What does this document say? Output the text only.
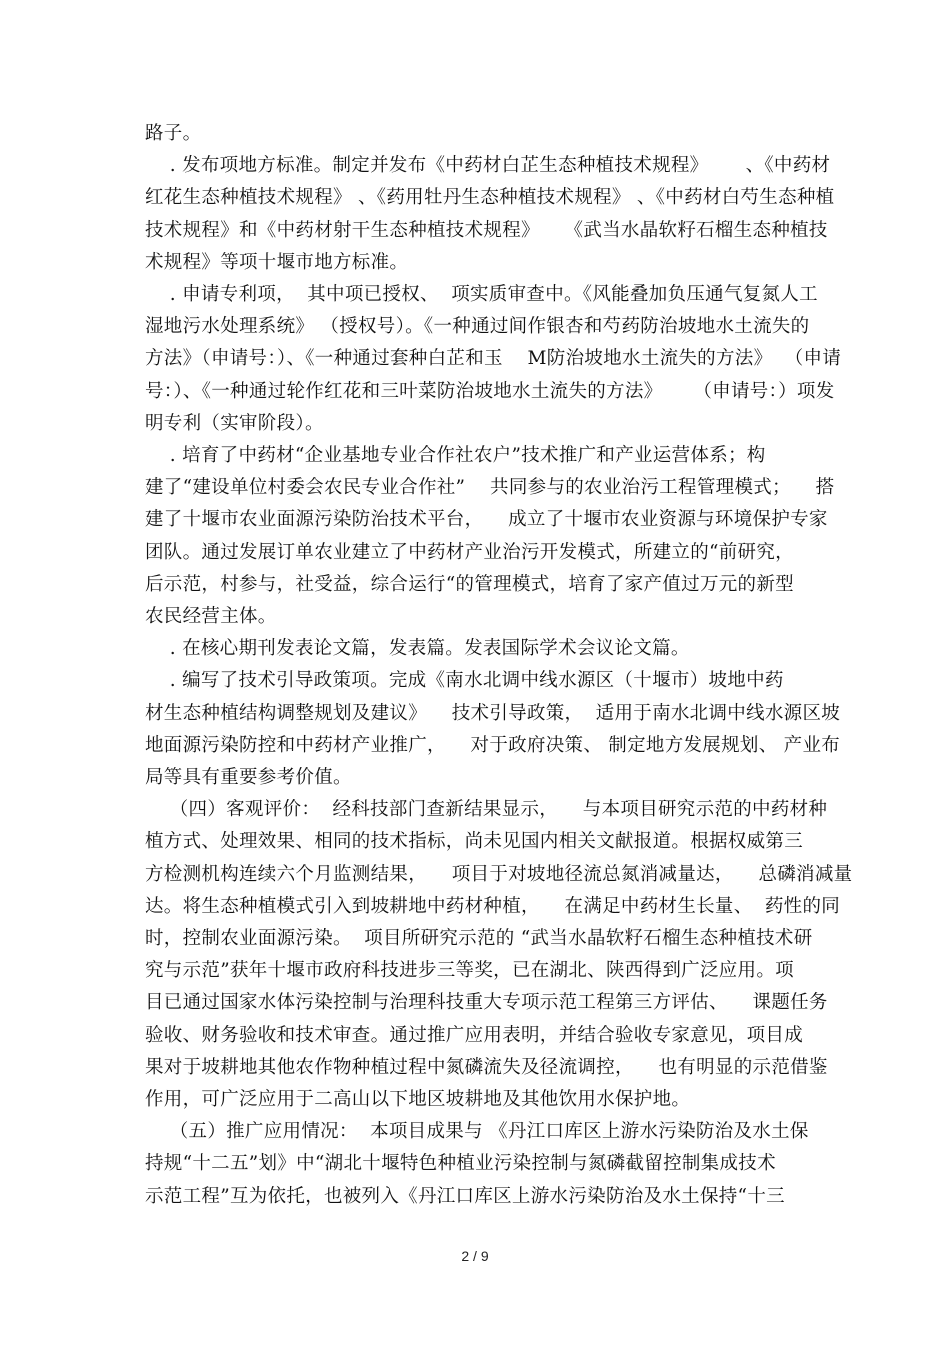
路子。
. 发布项地方标准。制定并发布《中药材白芷生态种植技术规程》      、《中药材
红花生态种植技术规程》 、《药用牡丹生态种植技术规程》 、《中药材白芍生态种植
技术规程》和《中药材射干生态种植技术规程》    《武当水晶软籽石榴生态种植技
术规程》等项十堰市地方标准。
. 申请专利项，  其中项已授权、  项实质审查中。《风能叠加负压通气复氮人工
湿地污水处理系统》 （授权号）。《一种通过间作银杏和芍药防治坡地水土流失的
方法》（申请号：）、《一种通过套种白芷和玉    M防治坡地水土流失的方法》  （申请
号：）、《一种通过轮作红花和三叶菜防治坡地水土流失的方法》     （申请号：）项发
明专利（实审阶段）。
. 培育了中药材“企业基地专业合作社农户”技术推广和产业运营体系；构
建了“建设单位村委会农民专业合作社”    共同参与的农业治污工程管理模式；    搭
建了十堰市农业面源污染防治技术平台，    成立了十堰市农业资源与环境保护专家
团队。通过发展订单农业建立了中药材产业治污开发模式，所建立的“前研究，
后示范，村参与，社受益，综合运行“的管理模式，培育了家产值过万元的新型
农民经营主体。
. 在核心期刊发表论文篇，发表篇。发表国际学术会议论文篇。
. 编写了技术引导政策项。完成《南水北调中线水源区（十堰市）坡地中药
材生态种植结构调整规划及建议》    技术引导政策，  适用于南水北调中线水源区坡
地面源污染防控和中药材产业推广，    对于政府决策、 制定地方发展规划、 产业布
局等具有重要参考价值。
（四）客观评价：  经科技部门查新结果显示，    与本项目研究示范的中药材种
植方式、处理效果、相同的技术指标，尚未见国内相关文献报道。根据权威第三
方检测机构连续六个月监测结果，    项目于对坡地径流总氮消减量达，    总磷消减量
达。将生态种植模式引入到坡耕地中药材种植，    在满足中药材生长量、  药性的同
时，控制农业面源污染。  项目所研究示范的 “武当水晶软籽石榴生态种植技术研
究与示范”获年十堰市政府科技进步三等奖，已在湖北、陕西得到广泛应用。项
目已通过国家水体污染控制与治理科技重大专项示范工程第三方评估、    课题任务
验收、财务验收和技术审查。通过推广应用表明，并结合验收专家意见，项目成
果对于坡耕地其他农作物种植过程中氮磷流失及径流调控，    也有明显的示范借鉴
作用，可广泛应用于二高山以下地区坡耕地及其他饮用水保护地。
（五）推广应用情况：  本项目成果与 《丹江口库区上游水污染防治及水土保
持规“十二五”划》中“湖北十堰特色种植业污染控制与氮磷截留控制集成技术
示范工程”互为依托，也被列入《丹江口库区上游水污染防治及水土保持“十三
2 / 9
